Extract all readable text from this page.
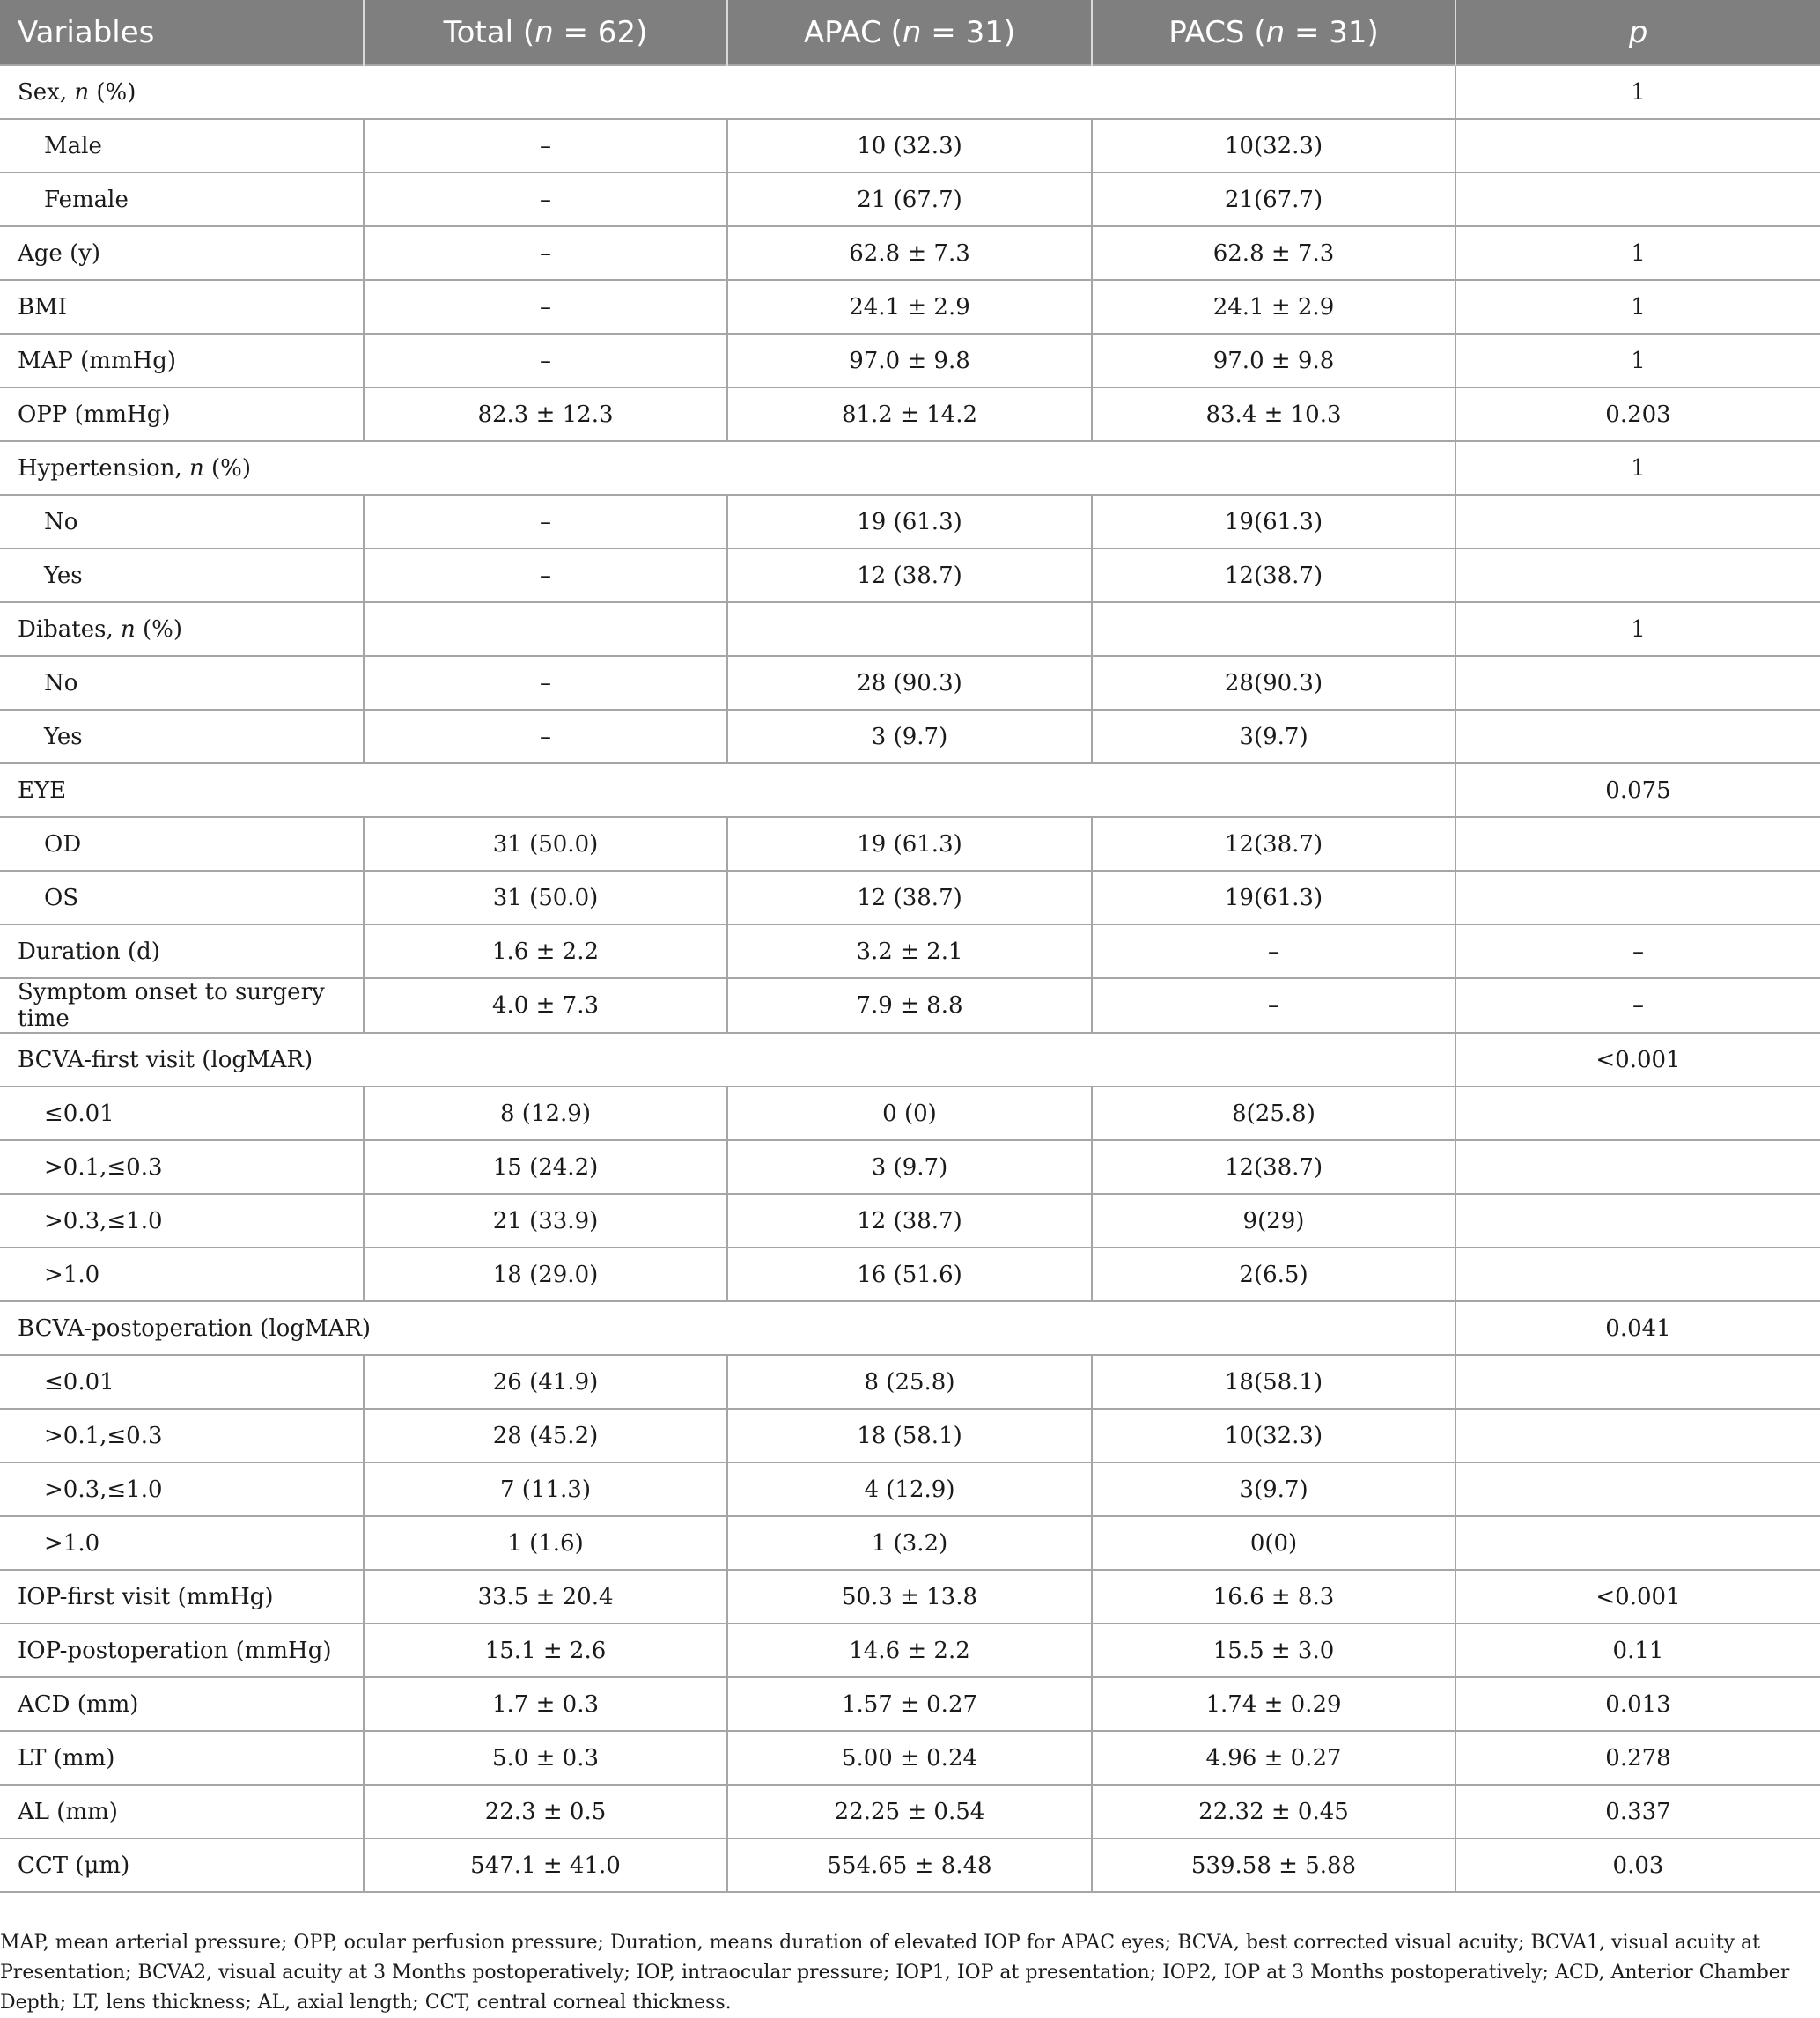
Variables	Total (n = 62)	APAC (n = 31)	PACS (n = 31)	p
Sex, n (%)				1
Male	–	10 (32.3)	10(32.3)	
Female	–	21 (67.7)	21(67.7)	
Age (y)	–	62.8 ± 7.3	62.8 ± 7.3	1
BMI	–	24.1 ± 2.9	24.1 ± 2.9	1
MAP (mmHg)	–	97.0 ± 9.8	97.0 ± 9.8	1
OPP (mmHg)	82.3 ± 12.3	81.2 ± 14.2	83.4 ± 10.3	0.203
Hypertension, n (%)				1
No	–	19 (61.3)	19(61.3)	
Yes	–	12 (38.7)	12(38.7)	
Dibates, n (%)				1
No	–	28 (90.3)	28(90.3)	
Yes	–	3 (9.7)	3(9.7)	
EYE				0.075
OD	31 (50.0)	19 (61.3)	12(38.7)	
OS	31 (50.0)	12 (38.7)	19(61.3)	
Duration (d)	1.6 ± 2.2	3.2 ± 2.1	–	–
Symptom onset to surgery time	4.0 ± 7.3	7.9 ± 8.8	–	–
BCVA-first visit (logMAR)				<0.001
≤0.01	8 (12.9)	0 (0)	8(25.8)	
>0.1,≤0.3	15 (24.2)	3 (9.7)	12(38.7)	
>0.3,≤1.0	21 (33.9)	12 (38.7)	9(29)	
>1.0	18 (29.0)	16 (51.6)	2(6.5)	
BCVA-postoperation (logMAR)				0.041
≤0.01	26 (41.9)	8 (25.8)	18(58.1)	
>0.1,≤0.3	28 (45.2)	18 (58.1)	10(32.3)	
>0.3,≤1.0	7 (11.3)	4 (12.9)	3(9.7)	
>1.0	1 (1.6)	1 (3.2)	0(0)	
IOP-first visit (mmHg)	33.5 ± 20.4	50.3 ± 13.8	16.6 ± 8.3	<0.001
IOP-postoperation (mmHg)	15.1 ± 2.6	14.6 ± 2.2	15.5 ± 3.0	0.11
ACD (mm)	1.7 ± 0.3	1.57 ± 0.27	1.74 ± 0.29	0.013
LT (mm)	5.0 ± 0.3	5.00 ± 0.24	4.96 ± 0.27	0.278
AL (mm)	22.3 ± 0.5	22.25 ± 0.54	22.32 ± 0.45	0.337
CCT (μm)	547.1 ± 41.0	554.65 ± 8.48	539.58 ± 5.88	0.03
MAP, mean arterial pressure; OPP, ocular perfusion pressure; Duration, means duration of elevated IOP for APAC eyes; BCVA, best corrected visual acuity; BCVA1, visual acuity at Presentation; BCVA2, visual acuity at 3 Months postoperatively; IOP, intraocular pressure; IOP1, IOP at presentation; IOP2, IOP at 3 Months postoperatively; ACD, Anterior Chamber Depth; LT, lens thickness; AL, axial length; CCT, central corneal thickness.
